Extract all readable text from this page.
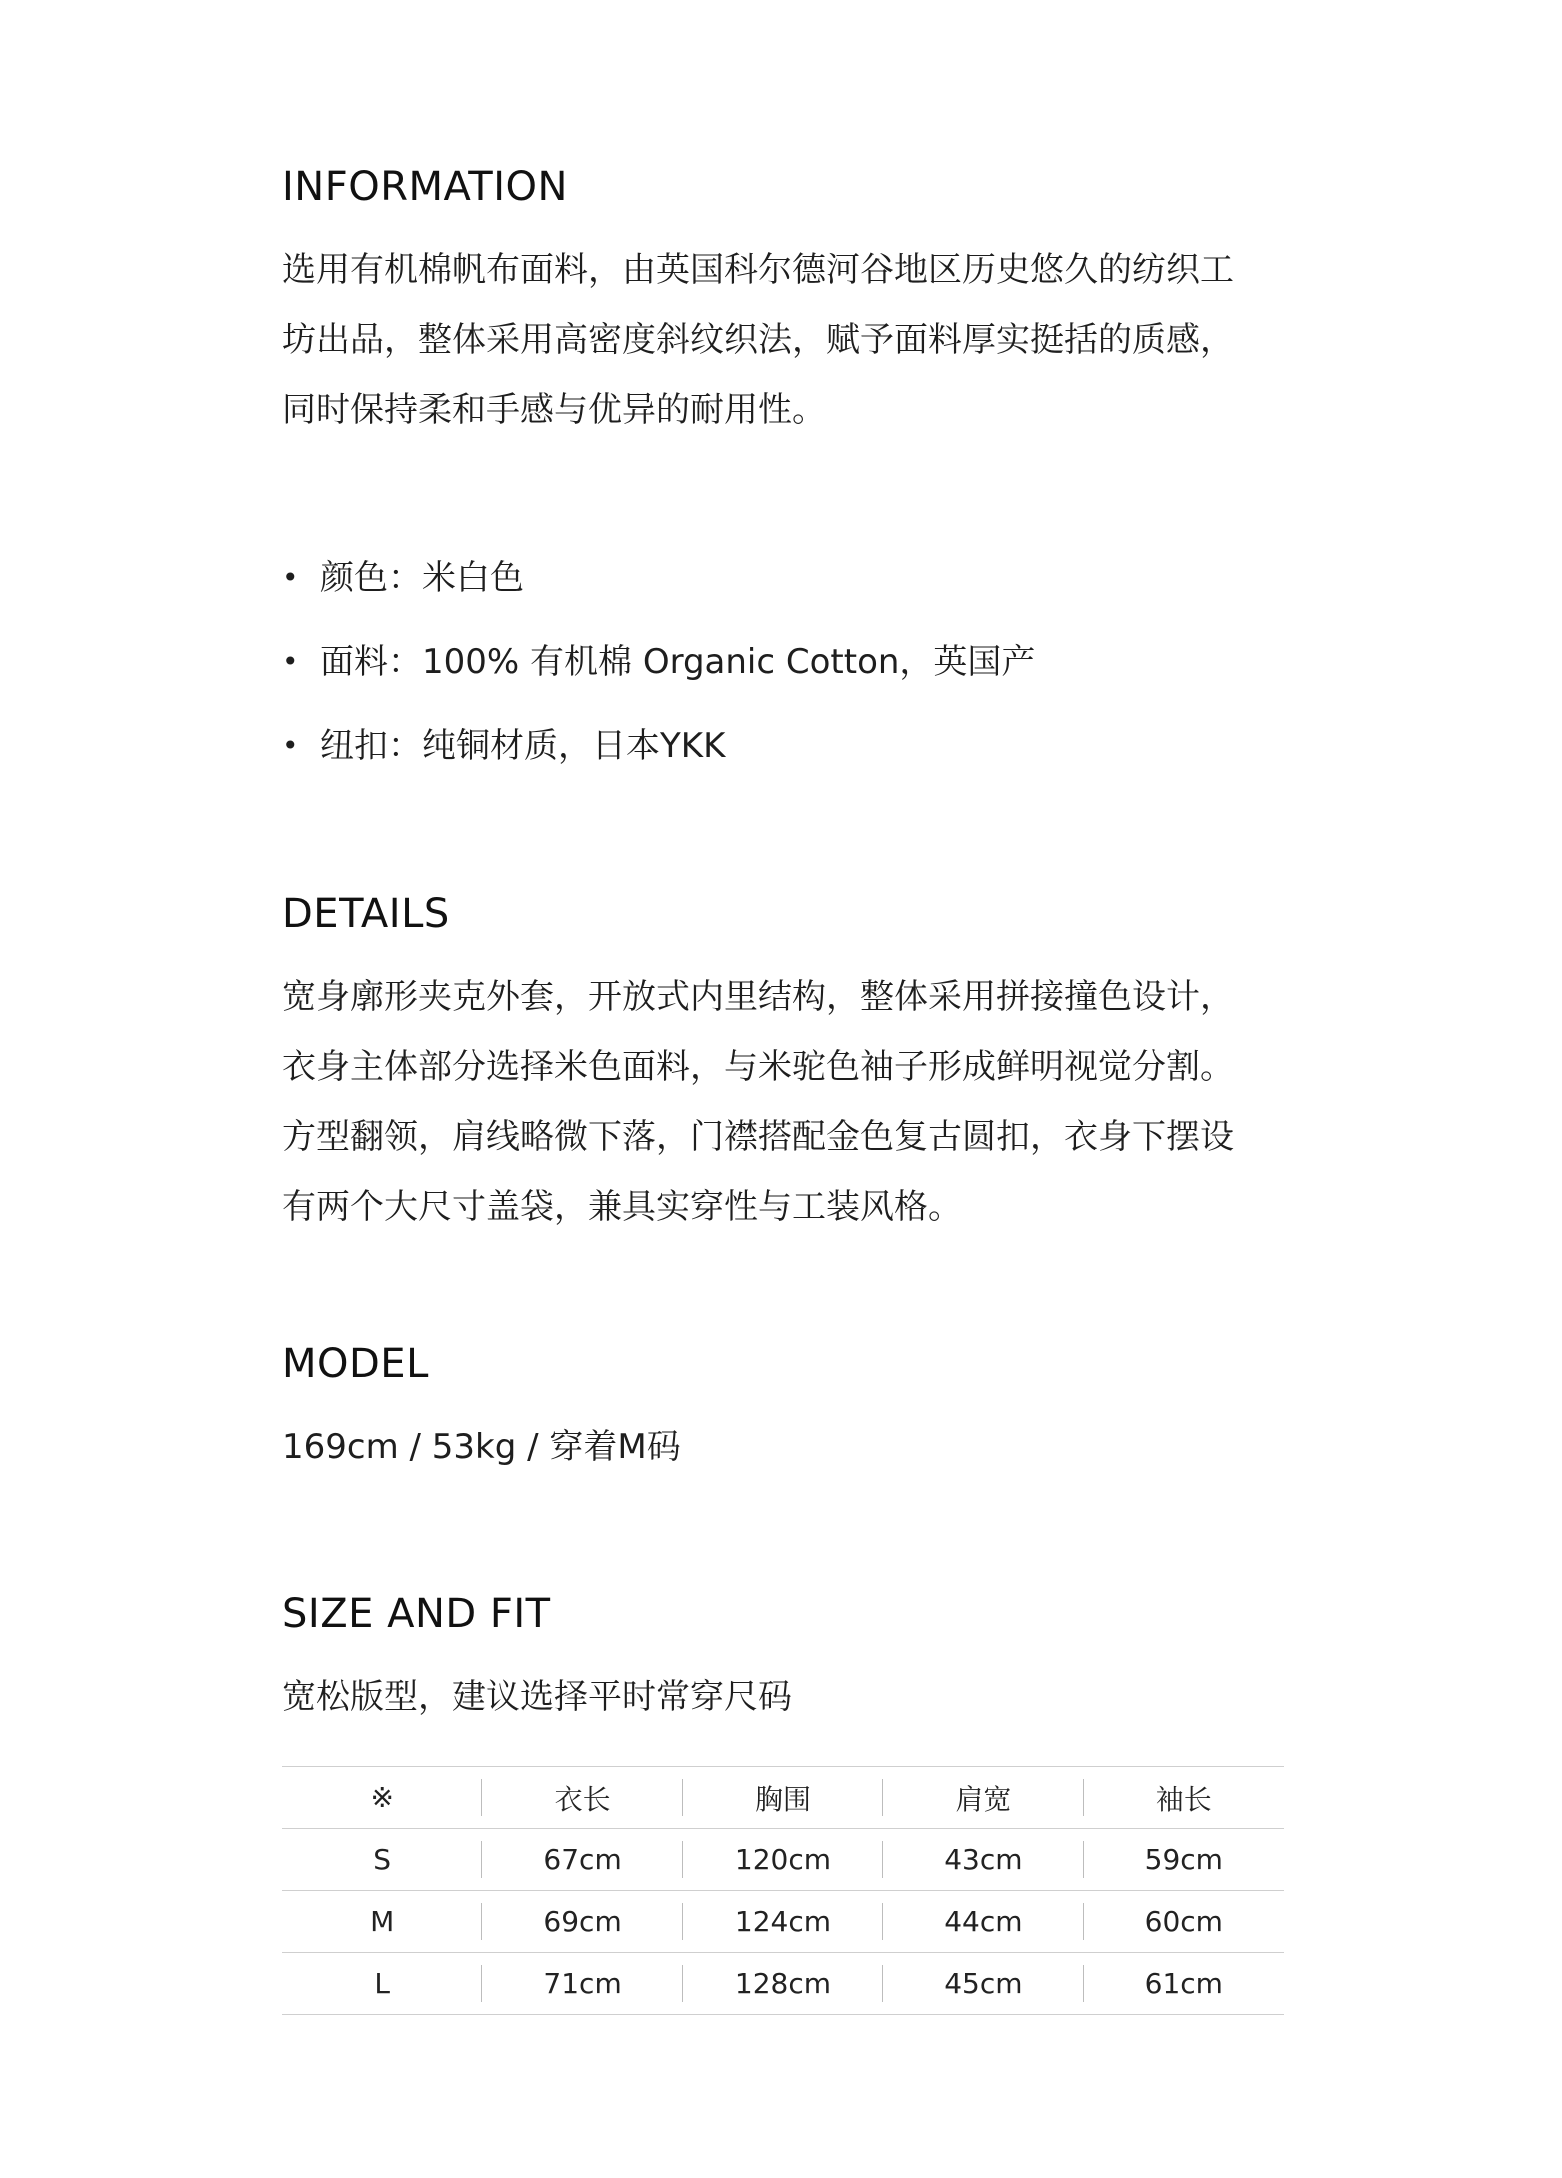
INFORMATION

选用有机棉帆布面料，由英国科尔德河谷地区历史悠久的纺织工
坊出品，整体采用高密度斜纹织法，赋予面料厚实挺括的质感，
同时保持柔和手感与优异的耐用性。

• 颜色：米白色
• 面料：100% 有机棉 Organic Cotton，英国产
• 纽扣：纯铜材质，日本YKK
DETAILS

宽身廓形夹克外套，开放式内里结构，整体采用拼接撞色设计，
衣身主体部分选择米色面料，与米驼色袖子形成鲜明视觉分割。
方型翻领，肩线略微下落，门襟搭配金色复古圆扣，衣身下摆设
有两个大尺寸盖袋，兼具实穿性与工装风格。

MODEL
169cm / 53kg / 穿着M码
SIZE AND FIT
宽松版型，建议选择平时常穿尺码
※	衣长	胸围	肩宽	袖长
S	67cm	120cm	43cm	59cm
M	69cm	124cm	44cm	60cm
L	71cm	128cm	45cm	61cm
